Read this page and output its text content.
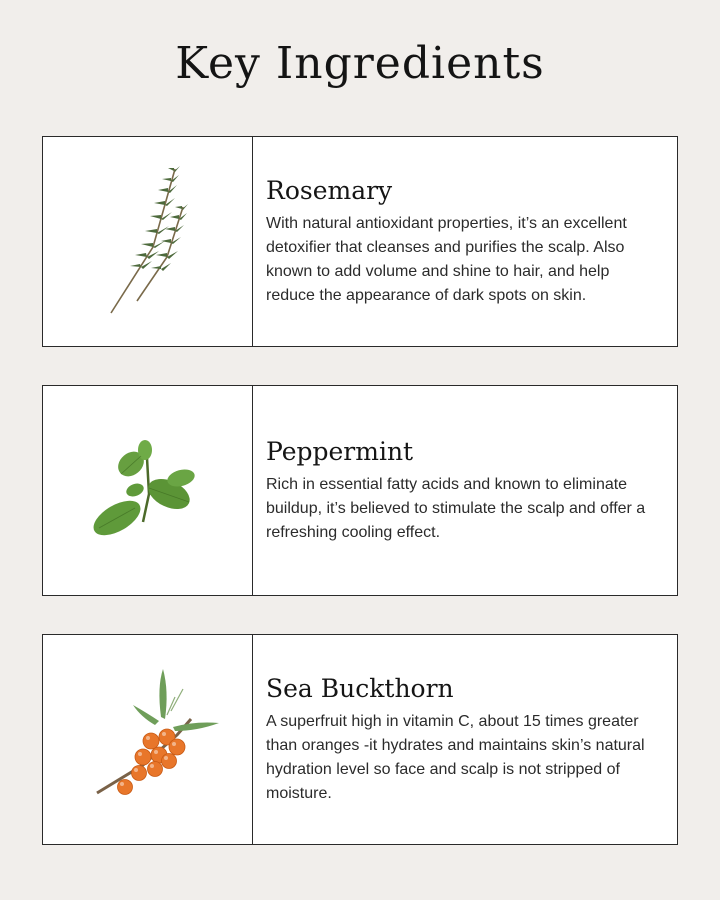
Key Ingredients
Rosemary

With natural antioxidant properties, it’s an excellent detoxifier that cleanses and purifies the scalp. Also known to add volume and shine to hair, and help reduce the appearance of dark spots on skin.

Peppermint

Rich in essential fatty acids and known to eliminate buildup, it’s believed to stimulate the scalp and offer a refreshing cooling effect.

Sea Buckthorn

A superfruit high in vitamin C, about 15 times greater than oranges -it hydrates and maintains skin’s natural hydration level so face and scalp is not stripped of moisture.
